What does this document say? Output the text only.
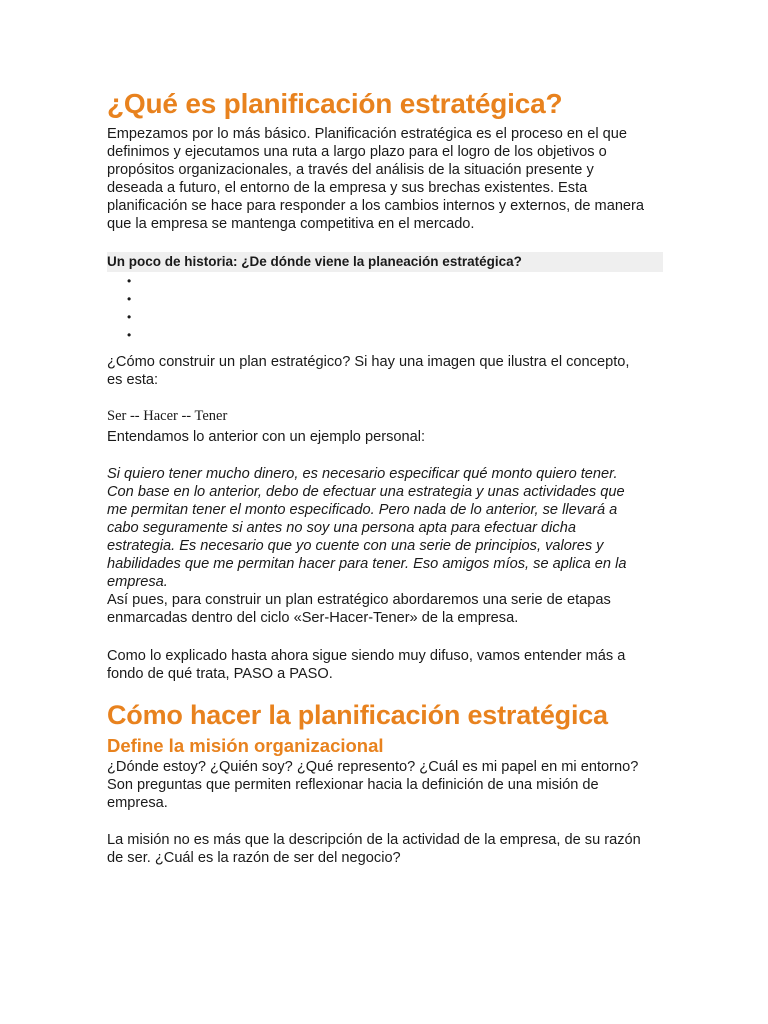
¿Qué es planificación estratégica?
Empezamos por lo más básico. Planificación estratégica es el proceso en el que
definimos y ejecutamos una ruta a largo plazo para el logro de los objetivos o
propósitos organizacionales, a través del análisis de la situación presente y
deseada a futuro, el entorno de la empresa y sus brechas existentes. Esta
planificación se hace para responder a los cambios internos y externos, de manera
que la empresa se mantenga competitiva en el mercado.
Un poco de historia: ¿De dónde viene la planeación estratégica?
¿Cómo construir un plan estratégico? Si hay una imagen que ilustra el concepto,
es esta:
Ser -- Hacer -- Tener
Entendamos lo anterior con un ejemplo personal:
Si quiero tener mucho dinero, es necesario especificar qué monto quiero tener.
Con base en lo anterior, debo de efectuar una estrategia y unas actividades que
me permitan tener el monto especificado. Pero nada de lo anterior, se llevará a
cabo seguramente si antes no soy una persona apta para efectuar dicha
estrategia. Es necesario que yo cuente con una serie de principios, valores y
habilidades que me permitan hacer para tener. Eso amigos míos, se aplica en la
empresa.
Así pues, para construir un plan estratégico abordaremos una serie de etapas
enmarcadas dentro del ciclo «Ser-Hacer-Tener» de la empresa.
Como lo explicado hasta ahora sigue siendo muy difuso, vamos entender más a
fondo de qué trata, PASO a PASO.
Cómo hacer la planificación estratégica
Define la misión organizacional
¿Dónde estoy? ¿Quién soy? ¿Qué represento? ¿Cuál es mi papel en mi entorno?
Son preguntas que permiten reflexionar hacia la definición de una misión de
empresa.
La misión no es más que la descripción de la actividad de la empresa, de su razón
de ser. ¿Cuál es la razón de ser del negocio?
